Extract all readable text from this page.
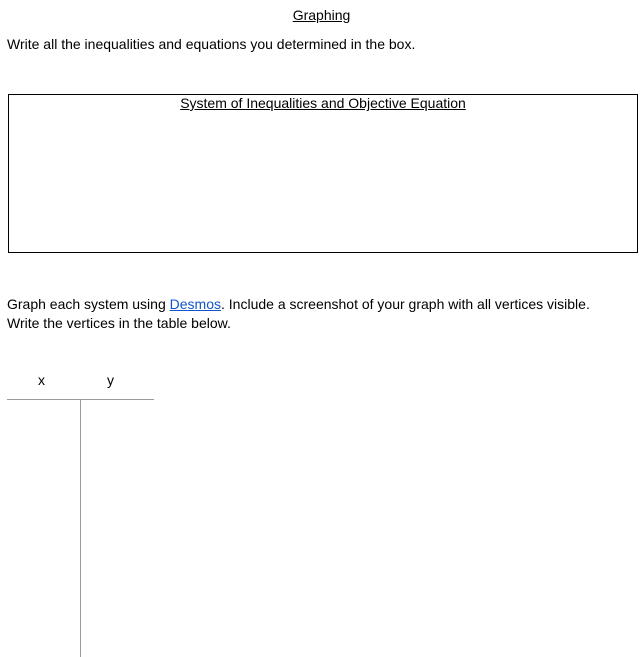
Graphing
Write all the inequalities and equations you determined in the box.
System of Inequalities and Objective Equation

Graph each system using Desmos. Include a screenshot of your graph with all vertices visible.

Write the vertices in the table below.

x	y
